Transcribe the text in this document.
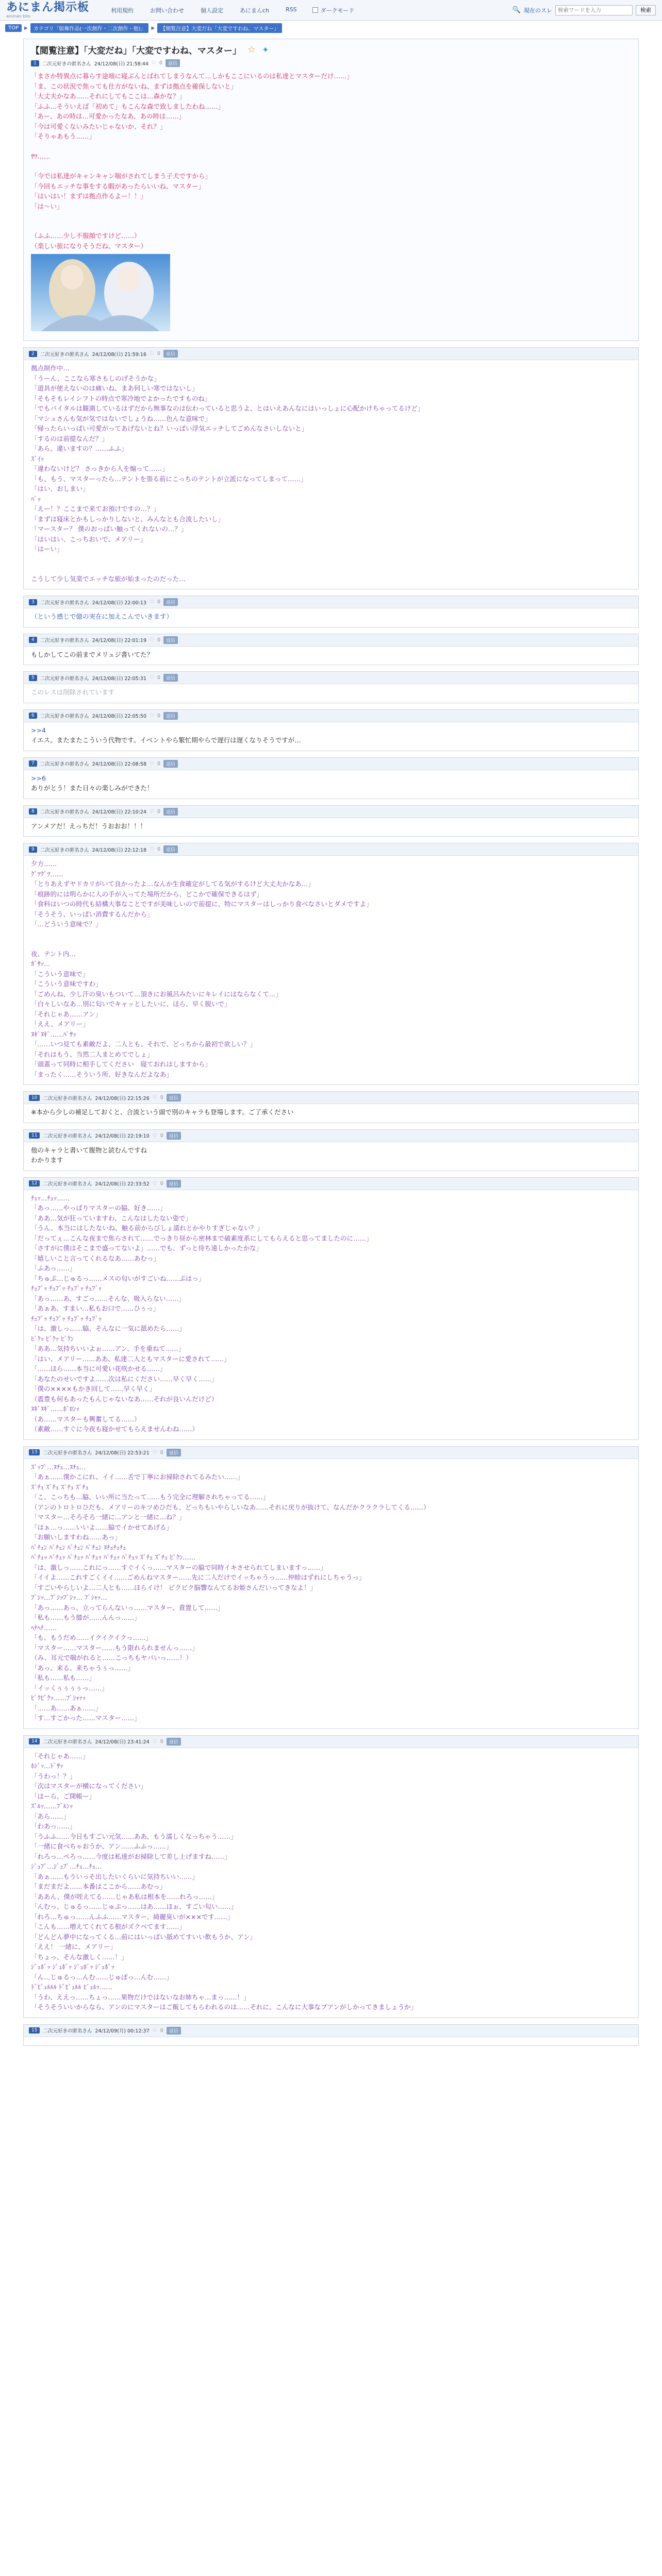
あにまん掲示板
animan bbs
利用規約	お問い合わせ	個人設定	あにまんch	RSS	ダークモード	🔍 現在のスレ
検索ワードを入力	検索
TOP	▶	カテゴリ「版権作品(一次創作・二次創作・他)」	▶	【閲覧注意】大変だね「大変ですわね、マスター」
【閲覧注意】「大変だね」「大変ですわね、マスター」 ☆ ✦
1	二次元好きの匿名さん 24/12/08(日) 21:58:44 ♡ 0	返信

「まさか特異点に暮らす途端に寝ぶんとばれてしまうなんて…しかもここにいるのは私達とマスターだけ……」

「ま、この状況で焦っても仕方がないね、まずは拠点を確保しないと」

「大丈夫かなあ……それにしてもここは…森かな？」

「ふふ…そういえば「初めて」もこんな森で致しましたわね……」

「あー、あの時は…可愛かったなあ、あの時は……」

「今は可愛くないみたいじゃないか、それ？」

「そりゃあもう……」

ｻﾜ……

「今では私達がキャンキャン喘がされてしまう子犬ですから」

「今回もエッチな事をする暇があったらいいね、マスター」

「はいはい！まずは拠点作るよー！！」

「は～い」

（ふふ……少し不服顔ですけど……）

（楽しい旅になりそうだね、マスター）

2	二次元好きの匿名さん 24/12/08(日) 21:59:16 ♡ 0	返信

拠点制作中…

「うーん、ここなら寒さもしのげそうかな」

「道具が使えないのは痛いね、まあ何しい寒ではないし」

「そもそもレイシフトの時点で寒冷地でよかったですものね」

「でもバイタルは観測しているはずだから無事なのは伝わっていると思うよ、とはいえあんなにはいっしょに心配かけちゃってるけど」

「マシュさんも気が気ではないでしょうね……色んな意味で」

「帰ったらいっぱい可愛がってあげないとね？いっぱい浮気エッチしてごめんなさいしないと」

「するのは前提なんだ？」

「あら、違いますの？……ふふ」

ｽﾞｲｯ

「違わないけど？ さっきから人を煽って……」

「も、もう、マスターったら…テントを張る前にこっちのテントが立派になってしまって……」

「はい、おしまい」

ﾊﾟｯ

「えー！？ここまで来てお預けですの…？」

「まずは寝床とかもしっかりしないと、みんなとも合流したいし」

「マースター？ 僕のおっぱい触ってくれないの…？」

「はいはい、こっちおいで、メアリー」

「はーい」

こうして少し気楽でエッチな旅が始まったのだった…

3	二次元好きの匿名さん 24/12/08(日) 22:00:13 ♡ 0	返信

（という感じで億の実在に加えこんでいきます）

4	二次元好きの匿名さん 24/12/08(日) 22:01:19 ♡ 0	返信

もしかしてこの前までメリュジ書いてた？

5	二次元好きの匿名さん 24/12/08(日) 22:05:31 ♡ 0	返信

このレスは削除されています

6	二次元好きの匿名さん 24/12/08(日) 22:05:50 ♡ 0	返信

>>4

イエス。またまたこういう代物です。イベントやら繁忙期やらで遅行は遅くなりそうですが…

7	二次元好きの匿名さん 24/12/08(日) 22:08:58 ♡ 0	返信

>>6

ありがとう！また日々の楽しみができた！

8	二次元好きの匿名さん 24/12/08(日) 22:10:24 ♡ 0	返信

アンメアだ！えっちだ！うおおお！！！

9	二次元好きの匿名さん 24/12/08(日) 22:12:18 ♡ 0	返信

夕方……

ｸﾞﾂｸﾞﾂ……

「とりあえずヤドカリがいて良かったよ…なんか生食確定がしてる気がするけど大丈夫かなあ…」

「痕跡的には明らかに人の手が入ってた場所だから、どこかで確保できるはず」

「食料はいつの時代も結構大事なことですが美味しいので前提に、特にマスターはしっかり食べなさいとダメですよ」

「そうそう、いっぱい消費するんだから」

「…どういう意味で？」

夜、テント内…

ｶﾞｻｯ…

「こういう意味で」

「こういう意味ですわ」

「ごめんね、少し汗の臭いもついて…頂きにお風呂みたいにキレイにはならなくて…」

「白々しいなあ…別に匂いでキャッとしたいに、ほら、早く脱いで」

「それじゃあ……アン」

「ええ、メアリー」

ﾇｷﾞﾇｷﾞ……ﾊﾟｻｯ

「……いつ見ても素敵だよ、二人とも、それで、どっちから最初で欲しい？」

「それはもう、当然二人まとめてでしょ」

「頭蓋って同時に相手してください　寝ておれはしますから」

「まったく……そういう所、好きなんだよなあ」

10	二次元好きの匿名さん 24/12/08(日) 22:15:26 ♡ 0	返信

※本から少しの補足しておくと、合流という頭で別のキャラも登場します。ご了承ください

11	二次元好きの匿名さん 24/12/08(日) 22:19:10 ♡ 0	返信

他のキャラと書いて腹物と読むんですね

わかります

12	二次元好きの匿名さん 24/12/08(日) 22:33:52 ♡ 0	返信

ﾁｭｯ…ﾁｭｯ……

「あっ……やっぱりマスターの脇、好き……」

「ああ…気が狂っていますわ、こんなはしたない姿で」

「うん、本当にはしたないね、触る前からびしょ濡れとかやりすぎじゃない？」

「だってぇ…こんな夜まで焦らされて……でっきり昼から密林まで破素度系にしてもらえると思ってましたのに……」

「さすがに僕はそこまで盛ってないよ」……でも、ずっと待ち遠しかったかな」

「嬉しいこと言ってくれるなあ……あむっ」

「ふあっ……」

「ちゅぷ…じゅるっ……メスの匂いがすごいね……ぷはっ」

ﾁｭﾌﾞｯ ﾁｭﾌﾞｯ ﾁｭﾌﾞｯ ﾁｭﾌﾞｯ

「あっ……あ、すごっ……そんな、吸入らない……」

「あぁあ、すまい…私もお口で……ひぅっ」

ﾁｭﾌﾞｯ ﾁｭﾌﾞｯ ﾁｭﾌﾞｯ ﾁｭﾌﾞｯ

「は、激しっ……脇、そんなに一気に舐めたら……」

ﾋﾞｸｯ ﾋﾞｸｯ ﾋﾞｸﾝ

「ああ…気持ちいいよぉ……アン、手を重ねて……」

「はい、メアリー……ああ、私達二人ともマスターに愛されて……」

「……ほら……本当に可愛い花咲かせる……」

「あなたのせいですよ……次は私にください……早く早く……」

「僕の××××もかき回して……早く早く」

（震豊も何もあったもんじゃないなあ……それが良いんだけど）

ﾇｷﾞﾇｷﾞ……ﾎﾞﾛﾝｯ

（あ……マスターも興奮してる……）

（素敵……すぐに今夜も寝かせてもらえませんわね……）

13	二次元好きの匿名さん 24/12/08(日) 22:53:21 ♡ 0	返信

ｽﾞｯﾌﾟ…ﾇﾁｭ…ﾇﾁｭ…

「あぁ……僕かこにれ、イイ……舌で丁寧にお掃除されてるみたい……」

ｽﾞﾁｭ ｽﾞﾁｭ ｽﾞﾁｭ ｽﾞﾁｭ

「こ、こっちも…脇、いい所に当たって……もう完全に理解されちゃってる……」

（アンのトロトロひだも、メアリーのキツめひだも、どっちもいやらしいなあ……それに戻りが抜けて、なんだかクラクラしてくる……）

「マスター…そろそろ一緒に…アンと一緒に…ね？」

「はぁ…っ……いいよ……脇でイかせてあげる」

「お願いしますわね……あっ」

ﾊﾟﾁｭﾝ ﾊﾟﾁｭﾝ ﾊﾟﾁｭﾝ ﾊﾟﾁｭﾝ ﾇﾁｭﾁｭﾁｭ

ﾊﾟﾁｭｯ ﾊﾟﾁｭｯ ﾊﾟﾁｭｯ ﾊﾟﾁｭｯ ﾊﾟﾁｭｯ ﾊﾟﾁｭｯ ｽﾞﾁｭ ｽﾞﾁｭ ﾋﾞｸﾝ……

「は、激しっ……これにっ……すぐイくっ……マスターの脇で同時イキさせられてしまいますっ……」

「イイよ……これすごくイイ……ごめんねマスター……先に二人だけでイッちゃうっ……仲睦はずれにしちゃうっ」

「すごいやらしいよ…二人とも……ほらイけ！ ビクビク脳響なんてるお姫さんだいってきなよ！」

ﾌﾟｼｯ…ﾌﾟｼｯﾌﾟｼｯ… ﾌﾟｼｬｯ…

「あっ……あっ、立ってらんないっ……マスター、責置して……」

「私も……もう膝が……んんっ……」

ﾍﾅﾍﾅ……

「も、もうだめ……イクイクイクっ……」

「マスター……マスター……もう限れられませんっ……」

（み、耳元で喘がれると……こっちもヤバいっ……！）

「あっ、来る、来ちゃうぅっ……」

「私も……私も……」

「イッくぅぅぅぅっ……」

ﾋﾞｸﾋﾞｸｯ……ﾌﾟｼｬｧｯ

「……あ……あぁ……」

「す…すごかった……マスター……」

14	二次元好きの匿名さん 24/12/08(日) 23:41:24 ♡ 0	返信

「それじゃあ……」

ﾎｼﾞｯ…ﾄﾞｻｯ

「うわっ！？」

「次はマスターが横になってください」

「ほーら、ご開帳ー」

ｽﾞﾙｯ……ﾌﾞﾙﾝｯ

「あら……」

「わあっ……」

「うふふ……今日もすごい元気……ああ、もう濡しくなっちゃう……」

「一緒に食べちゃおうか、アン……ふふっ……」

「れろっ…ペろっ……今度は私達がお掃除して差し上げますね……」

ｼﾞｭﾌﾟ…ｼﾞｭﾌﾟ…ﾁｭ…ﾁｭ…

「あぁ……もういっそ出したいくらいに気持ちいい……」

「まだまだよ……本番はここから……あむっ」

「ああん、僕が咥えてる……じゃあ私は根本を……れろっ……」

「んむっ、じゅるっ……じゅぷっ……はあ……ほぉ、すごい匂い……」

「れろ…ちゅっ……んふふ……マスター、綺麗臭いが×××です……」

「こんも……増えてくれてる根がズクベてます……」

「どんどん夢中になってくる…前にはいっぱい舐めてすいい飲もうか、アン」

「ええ！ 一緒に、メアリー」

「ちょっ、そんな激しく……！」

ｼﾞｭﾎﾞｯ ｼﾞｭﾎﾞｯ ｼﾞｭﾎﾞｯ ｼﾞｭﾎﾞｯ

「ん…じゅるっ…んむ……じゅぽっ…んむ……」

ﾄﾞﾋﾟｭﾙﾙﾙ ﾄﾞﾋﾟｭﾙﾙ ﾋﾞｭﾙｯ……

「うわ、ええっ……ちょっ……果物だけではないなお姉ちゃ…まっ……！」

「そうそういいからなら、アンのにマスターはご飯してもらわれるのは……それに、こんなに大事なプアンがしかってきましょうか」

15	二次元好きの匿名さん 24/12/09(月) 00:12:37 ♡ 0	返信
